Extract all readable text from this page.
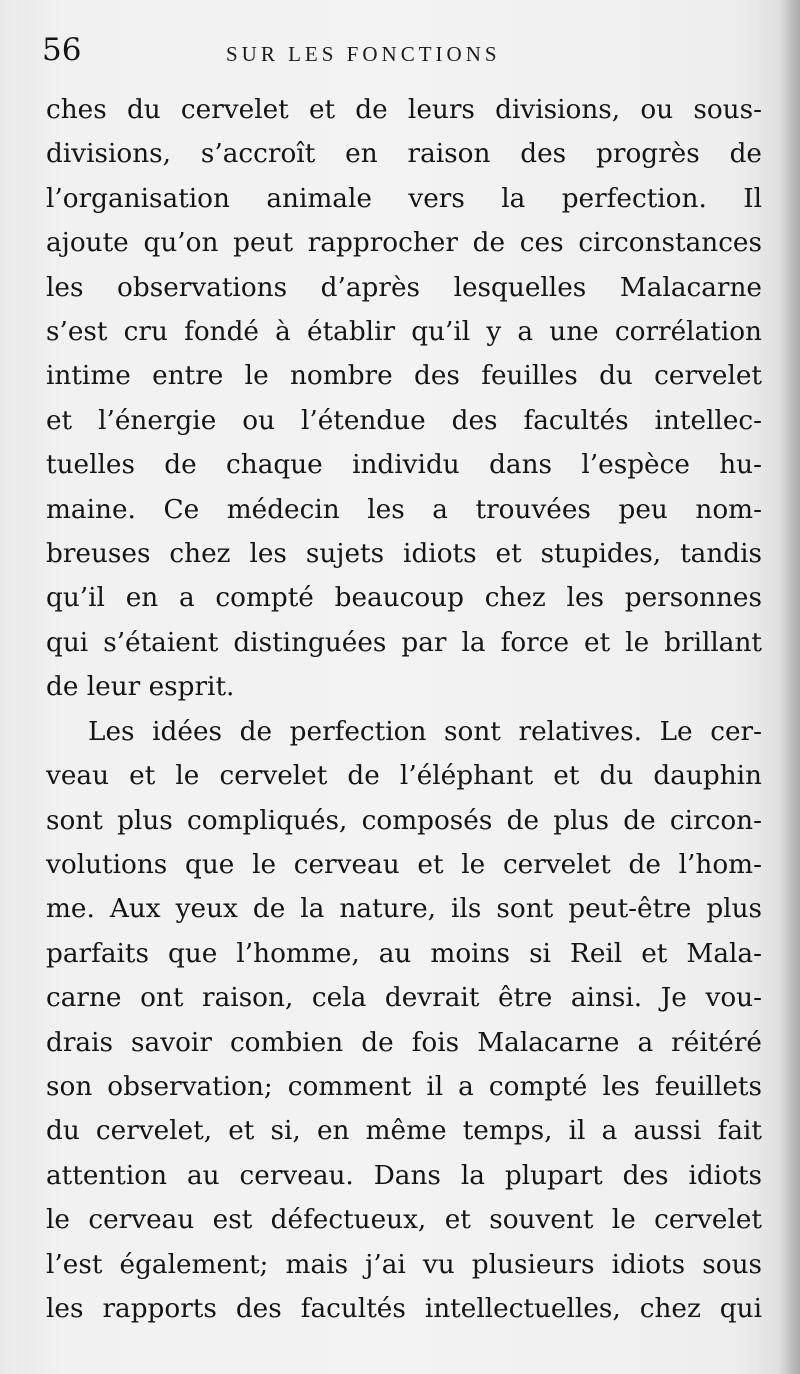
56	SUR LES FONCTIONS
ches du cervelet et de leurs divisions, ou sous-
divisions, s’accroît en raison des progrès de
l’organisation animale vers la perfection. Il
ajoute qu’on peut rapprocher de ces circonstances
les observations d’après lesquelles Malacarne
s’est cru fondé à établir qu’il y a une corrélation
intime entre le nombre des feuilles du cervelet
et l’énergie ou l’étendue des facultés intellec-
tuelles de chaque individu dans l’espèce hu-
maine. Ce médecin les a trouvées peu nom-
breuses chez les sujets idiots et stupides, tandis
qu’il en a compté beaucoup chez les personnes
qui s’étaient distinguées par la force et le brillant
de leur esprit.
Les idées de perfection sont relatives. Le cer-
veau et le cervelet de l’éléphant et du dauphin
sont plus compliqués, composés de plus de circon-
volutions que le cerveau et le cervelet de l’hom-
me. Aux yeux de la nature, ils sont peut-être plus
parfaits que l’homme, au moins si Reil et Mala-
carne ont raison, cela devrait être ainsi. Je vou-
drais savoir combien de fois Malacarne a réitéré
son observation; comment il a compté les feuillets
du cervelet, et si, en même temps, il a aussi fait
attention au cerveau. Dans la plupart des idiots
le cerveau est défectueux, et souvent le cervelet
l’est également; mais j’ai vu plusieurs idiots sous
les rapports des facultés intellectuelles, chez qui
